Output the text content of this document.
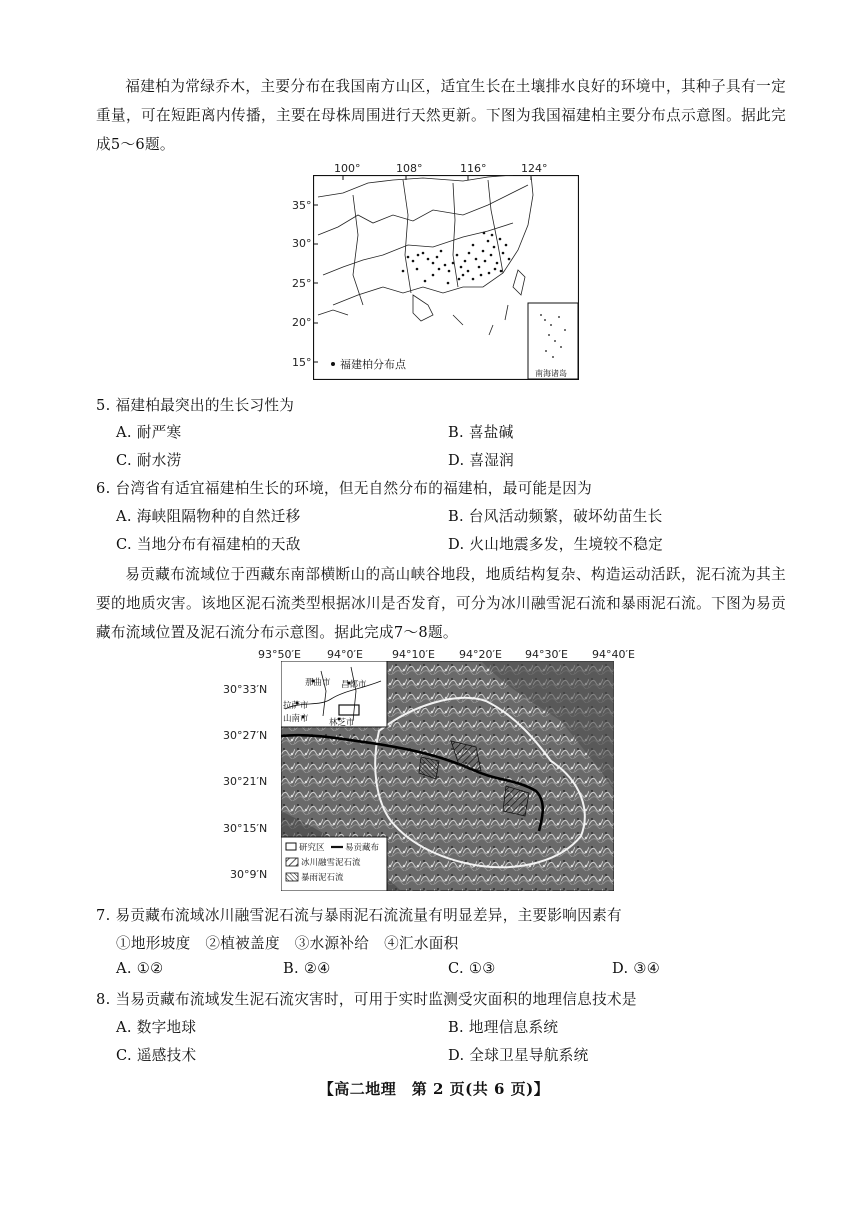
福建柏为常绿乔木，主要分布在我国南方山区，适宜生长在土壤排水良好的环境中，其种子具有一定重量，可在短距离内传播，主要在母株周围进行天然更新。下图为我国福建柏主要分布点示意图。据此完成5～6题。
100°	108°	116°	124°
35°
30°
25°
20°
15°	福建柏分布点
南海诸岛
5. 福建柏最突出的生长习性为
A. 耐严寒	B. 喜盐碱
C. 耐水涝	D. 喜湿润
6. 台湾省有适宜福建柏生长的环境，但无自然分布的福建柏，最可能是因为
A. 海峡阻隔物种的自然迁移	B. 台风活动频繁，破坏幼苗生长
C. 当地分布有福建柏的天敌	D. 火山地震多发，生境较不稳定
易贡藏布流域位于西藏东南部横断山的高山峡谷地段，地质结构复杂、构造运动活跃，泥石流为其主要的地质灾害。该地区泥石流类型根据冰川是否发育，可分为冰川融雪泥石流和暴雨泥石流。下图为易贡藏布流域位置及泥石流分布示意图。据此完成7～8题。
93°50′E 94°0′E	94°10′E 94°20′E 94°30′E 94°40′E
30°33′N
30°27′N
30°21′N
30°15′N
30°9′N
那曲市 昌都市
拉萨市
山南市 林芝市
研究区 易贡藏布
冰川融雪泥石流
暴雨泥石流
7. 易贡藏布流域冰川融雪泥石流与暴雨泥石流流量有明显差异，主要影响因素有
①地形坡度　②植被盖度　③水源补给　④汇水面积
A. ①②	B. ②④	C. ①③	D. ③④
8. 当易贡藏布流域发生泥石流灾害时，可用于实时监测受灾面积的地理信息技术是
A. 数字地球	B. 地理信息系统
C. 遥感技术	D. 全球卫星导航系统
【高二地理　第 2 页(共 6 页)】
